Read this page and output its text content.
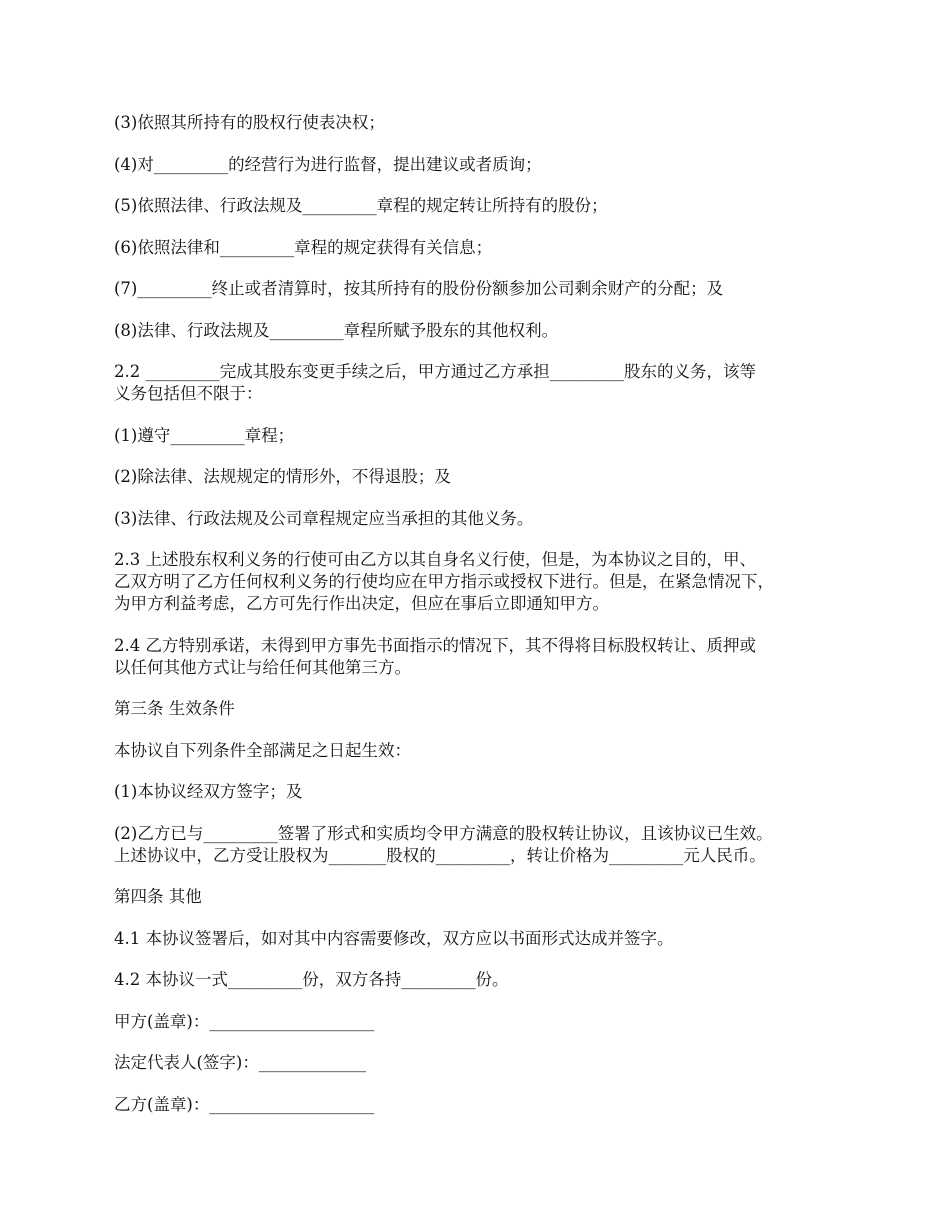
(3)依照其所持有的股权行使表决权；

(4)对_________的经营行为进行监督，提出建议或者质询；

(5)依照法律、行政法规及_________章程的规定转让所持有的股份；

(6)依照法律和_________章程的规定获得有关信息；

(7)_________终止或者清算时，按其所持有的股份份额参加公司剩余财产的分配；及

(8)法律、行政法规及_________章程所赋予股东的其他权利。

2.2 _________完成其股东变更手续之后，甲方通过乙方承担_________股东的义务，该等
义务包括但不限于：

(1)遵守_________章程；

(2)除法律、法规规定的情形外，不得退股；及

(3)法律、行政法规及公司章程规定应当承担的其他义务。

2.3 上述股东权利义务的行使可由乙方以其自身名义行使，但是，为本协议之目的，甲、
乙双方明了乙方任何权利义务的行使均应在甲方指示或授权下进行。但是，在紧急情况下，
为甲方利益考虑，乙方可先行作出决定，但应在事后立即通知甲方。

2.4 乙方特别承诺，未得到甲方事先书面指示的情况下，其不得将目标股权转让、质押或
以任何其他方式让与给任何其他第三方。

第三条 生效条件

本协议自下列条件全部满足之日起生效：

(1)本协议经双方签字；及

(2)乙方已与_________签署了形式和实质均令甲方满意的股权转让协议，且该协议已生效。
上述协议中，乙方受让股权为_______股权的_________，转让价格为_________元人民币。

第四条 其他

4.1 本协议签署后，如对其中内容需要修改，双方应以书面形式达成并签字。

4.2 本协议一式_________份，双方各持_________份。

甲方(盖章)：____________________

法定代表人(签字)：_____________

乙方(盖章)：____________________
